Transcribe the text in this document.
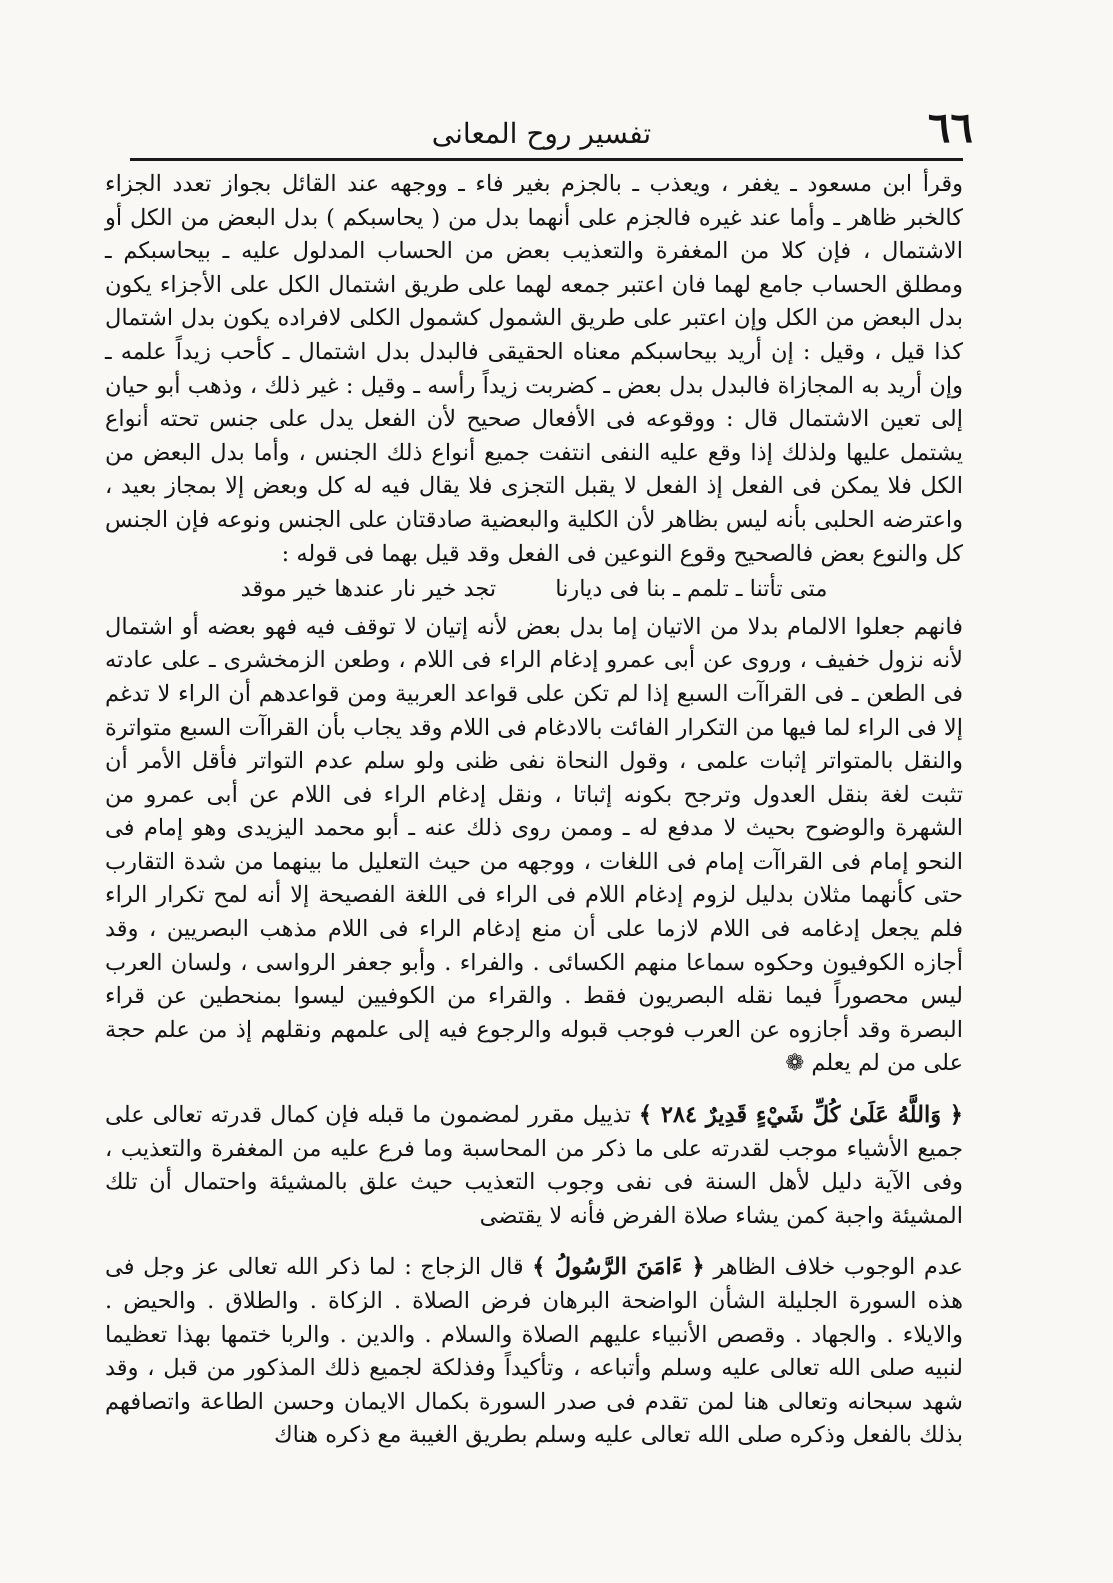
٦٦
تفسير روح المعانى

وقرأ ابن مسعود ـ يغفر ، ويعذب ـ بالجزم بغير فاء ـ ووجهه عند القائل بجواز تعدد الجزاء كالخبر ظاهر ـ وأما عند غيره فالجزم على أنهما بدل من ( يحاسبكم ) بدل البعض من الكل أو الاشتمال ، فإن كلا من المغفرة والتعذيب بعض من الحساب المدلول عليه ـ بيحاسبكم ـ ومطلق الحساب جامع لهما فان اعتبر جمعه لهما على طريق اشتمال الكل على الأجزاء يكون بدل البعض من الكل وإن اعتبر على طريق الشمول كشمول الكلى لافراده يكون بدل اشتمال كذا قيل ، وقيل : إن أريد بيحاسبكم معناه الحقيقى فالبدل بدل اشتمال ـ كأحب زيداً علمه ـ وإن أريد به المجازاة فالبدل بدل بعض ـ كضربت زيداً رأسه ـ وقيل : غير ذلك ، وذهب أبو حيان إلى تعين الاشتمال قال : ووقوعه فى الأفعال صحيح لأن الفعل يدل على جنس تحته أنواع يشتمل عليها ولذلك إذا وقع عليه النفى انتفت جميع أنواع ذلك الجنس ، وأما بدل البعض من الكل فلا يمكن فى الفعل إذ الفعل لا يقبل التجزى فلا يقال فيه له كل وبعض إلا بمجاز بعيد ، واعترضه الحلبى بأنه ليس بظاهر لأن الكلية والبعضية صادقتان على الجنس ونوعه فإن الجنس كل والنوع بعض فالصحيح وقوع النوعين فى الفعل وقد قيل بهما فى قوله :

متى تأتنا ـ تلمم ـ بنا فى ديارنا تجد خير نار عندها خير موقد

فانهم جعلوا الالمام بدلا من الاتيان إما بدل بعض لأنه إتيان لا توقف فيه فهو بعضه أو اشتمال لأنه نزول خفيف ، وروى عن أبى عمرو إدغام الراء فى اللام ، وطعن الزمخشرى ـ على عادته فى الطعن ـ فى القراآت السبع إذا لم تكن على قواعد العربية ومن قواعدهم أن الراء لا تدغم إلا فى الراء لما فيها من التكرار الفائت بالادغام فى اللام وقد يجاب بأن القراآت السبع متواترة والنقل بالمتواتر إثبات علمى ، وقول النحاة نفى ظنى ولو سلم عدم التواتر فأقل الأمر أن تثبت لغة بنقل العدول وترجح بكونه إثباتا ، ونقل إدغام الراء فى اللام عن أبى عمرو من الشهرة والوضوح بحيث لا مدفع له ـ وممن روى ذلك عنه ـ أبو محمد اليزيدى وهو إمام فى النحو إمام فى القراآت إمام فى اللغات ، ووجهه من حيث التعليل ما بينهما من شدة التقارب حتى كأنهما مثلان بدليل لزوم إدغام اللام فى الراء فى اللغة الفصيحة إلا أنه لمح تكرار الراء فلم يجعل إدغامه فى اللام لازما على أن منع إدغام الراء فى اللام مذهب البصريين ، وقد أجازه الكوفيون وحكوه سماعا منهم الكسائى . والفراء . وأبو جعفر الرواسى ، ولسان العرب ليس محصوراً فيما نقله البصريون فقط . والقراء من الكوفيين ليسوا بمنحطين عن قراء البصرة وقد أجازوه عن العرب فوجب قبوله والرجوع فيه إلى علمهم ونقلهم إذ من علم حجة على من لم يعلم ❁

﴿ وَاللَّهُ عَلَىٰ كُلِّ شَيْءٍ قَدِيرٌ ٢٨٤ ﴾ تذييل مقرر لمضمون ما قبله فإن كمال قدرته تعالى على جميع الأشياء موجب لقدرته على ما ذكر من المحاسبة وما فرع عليه من المغفرة والتعذيب ، وفى الآية دليل لأهل السنة فى نفى وجوب التعذيب حيث علق بالمشيئة واحتمال أن تلك المشيئة واجبة كمن يشاء صلاة الفرض فأنه لا يقتضى

عدم الوجوب خلاف الظاهر ﴿ ءَامَنَ الرَّسُولُ ﴾ قال الزجاج : لما ذكر الله تعالى عز وجل فى هذه السورة الجليلة الشأن الواضحة البرهان فرض الصلاة . الزكاة . والطلاق . والحيض . والايلاء . والجهاد . وقصص الأنبياء عليهم الصلاة والسلام . والدين . والربا ختمها بهذا تعظيما لنبيه صلى الله تعالى عليه وسلم وأتباعه ، وتأكيداً وفذلكة لجميع ذلك المذكور من قبل ، وقد شهد سبحانه وتعالى هنا لمن تقدم فى صدر السورة بكمال الايمان وحسن الطاعة واتصافهم بذلك بالفعل وذكره صلى الله تعالى عليه وسلم بطريق الغيبة مع ذكره هناك
